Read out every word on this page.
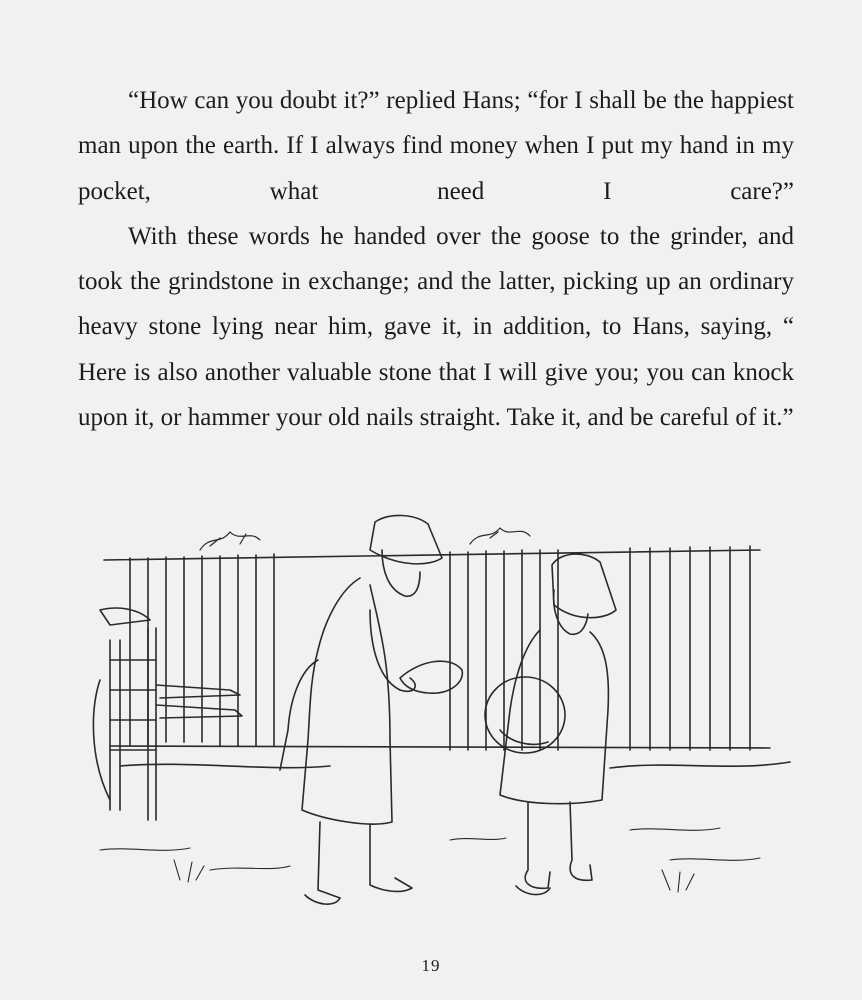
“How can you doubt it?” replied Hans; “for I shall be the happiest man upon the earth. If I always find money when I put my hand in my pocket, what need I care?”

With these words he handed over the goose to the grinder, and took the grindstone in exchange; and the latter, picking up an ordinary heavy stone lying near him, gave it, in addition, to Hans, saying, “ Here is also another valuable stone that I will give you; you can knock upon it, or hammer your old nails straight. Take it, and be careful of it.”

19
